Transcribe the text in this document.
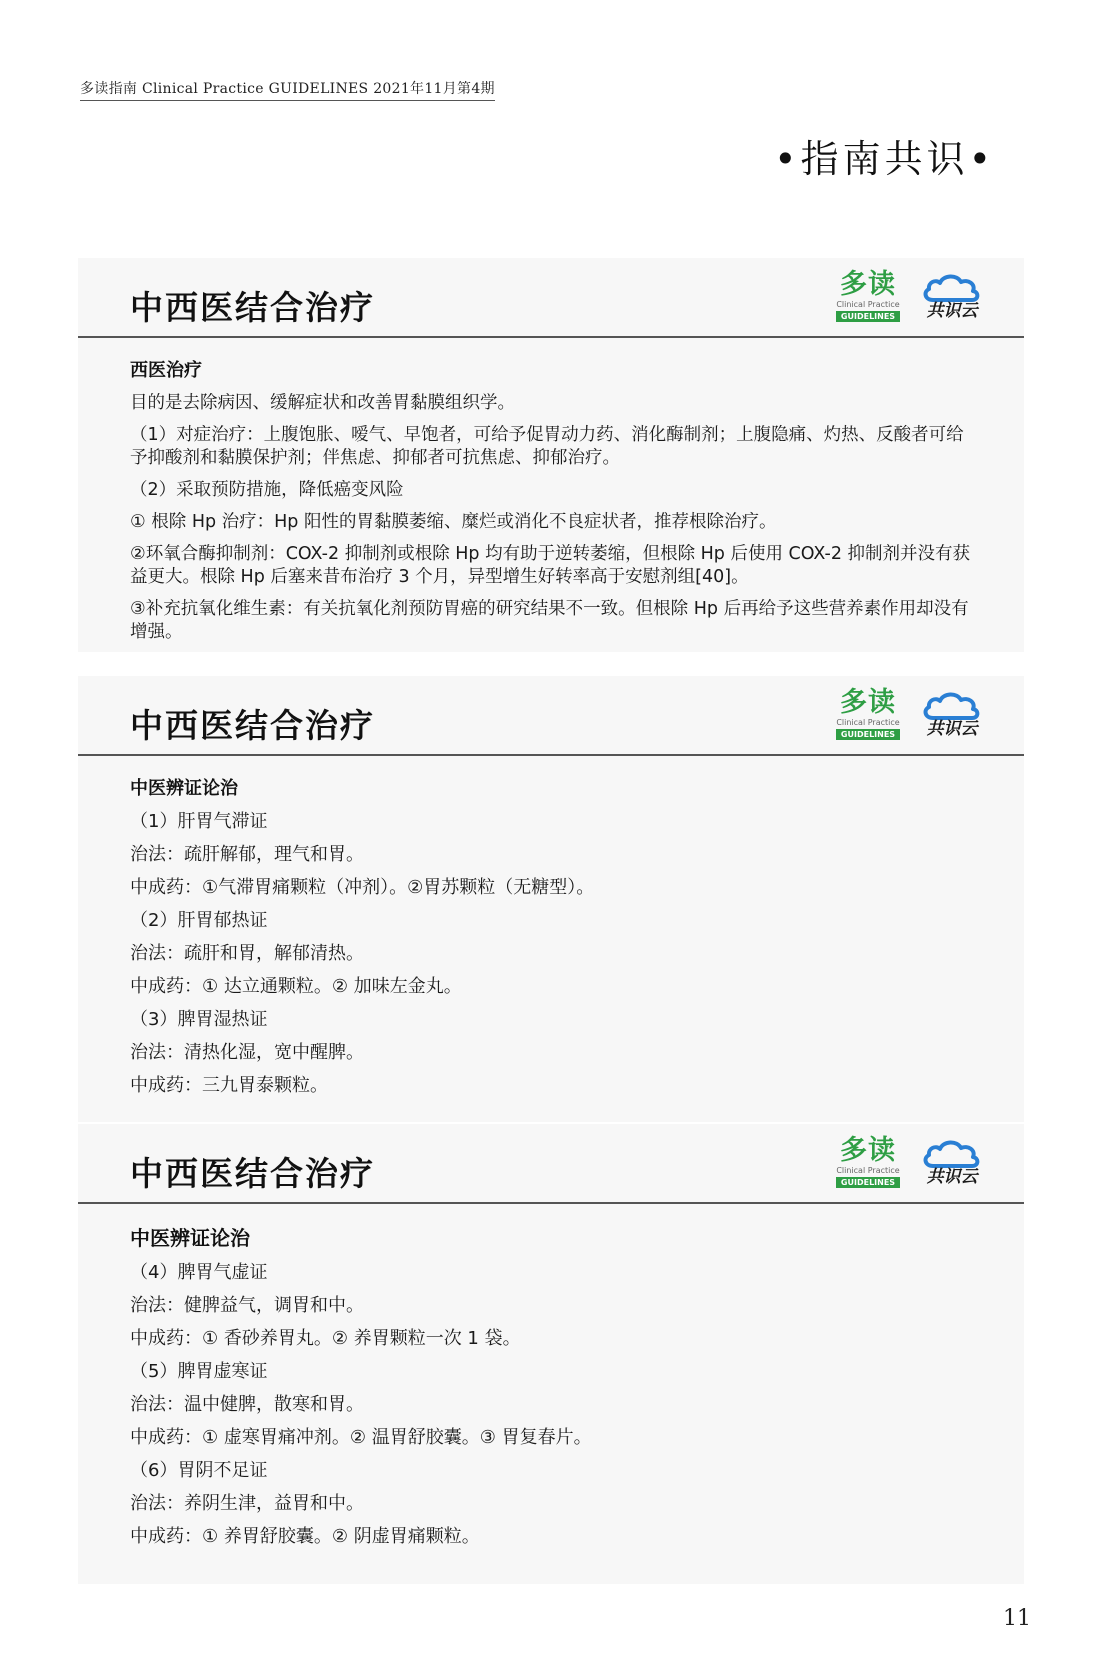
多读指南 Clinical Practice GUIDELINES 2021年11月第4期
•指南共识•
中西医结合治疗
多读
Clinical Practice
GUIDELINES	共识云
西医治疗
目的是去除病因、缓解症状和改善胃黏膜组织学。
（1）对症治疗：上腹饱胀、嗳气、早饱者，可给予促胃动力药、消化酶制剂；上腹隐痛、灼热、反酸者可给予抑酸剂和黏膜保护剂；伴焦虑、抑郁者可抗焦虑、抑郁治疗。
（2）采取预防措施，降低癌变风险
① 根除 Hp 治疗：Hp 阳性的胃黏膜萎缩、糜烂或消化不良症状者，推荐根除治疗。
②环氧合酶抑制剂：COX-2 抑制剂或根除 Hp 均有助于逆转萎缩，但根除 Hp 后使用 COX-2 抑制剂并没有获益更大。根除 Hp 后塞来昔布治疗 3 个月，异型增生好转率高于安慰剂组[40]。
③补充抗氧化维生素：有关抗氧化剂预防胃癌的研究结果不一致。但根除 Hp 后再给予这些营养素作用却没有增强。
中西医结合治疗
多读
Clinical Practice
GUIDELINES	共识云
中医辨证论治
（1）肝胃气滞证
治法：疏肝解郁，理气和胃。
中成药：①气滞胃痛颗粒（冲剂）。②胃苏颗粒（无糖型）。
（2）肝胃郁热证
治法：疏肝和胃，解郁清热。
中成药：① 达立通颗粒。② 加味左金丸。
（3）脾胃湿热证
治法：清热化湿，宽中醒脾。
中成药：三九胃泰颗粒。
中西医结合治疗
多读
Clinical Practice
GUIDELINES	共识云
中医辨证论治
（4）脾胃气虚证
治法：健脾益气，调胃和中。
中成药：① 香砂养胃丸。② 养胃颗粒一次 1 袋。
（5）脾胃虚寒证
治法：温中健脾，散寒和胃。
中成药：① 虚寒胃痛冲剂。② 温胃舒胶囊。③ 胃复春片。
（6）胃阴不足证
治法：养阴生津，益胃和中。
中成药：① 养胃舒胶囊。② 阴虚胃痛颗粒。
11
